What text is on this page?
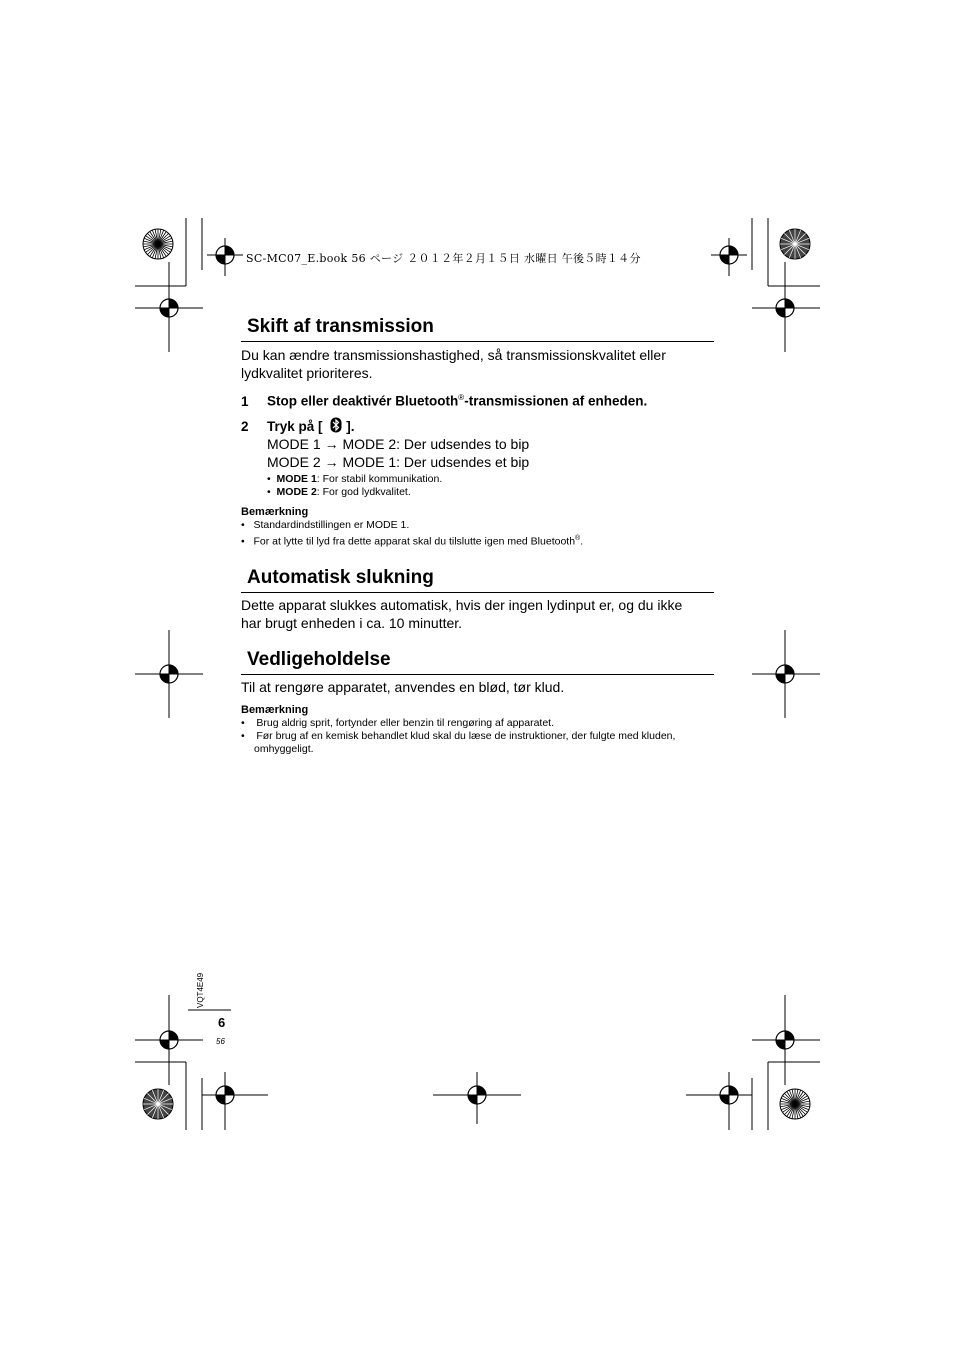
SC-MC07_E.book 56 ページ ２０１２年２月１５日 水曜日 午後５時１４分
Skift af transmission

Du kan ændre transmissionshastighed, så transmissionskvalitet eller
lydkvalitet prioriteres.

1 Stop eller deaktivér Bluetooth®-transmissionen af enheden.
2 Tryk på [ ].
MODE 1 → MODE 2: Der udsendes to bip
MODE 2 → MODE 1: Der udsendes et bip
• MODE 1: For stabil kommunikation.
• MODE 2: For god lydkvalitet.
Bemærkning
• Standardindstillingen er MODE 1.
• For at lytte til lyd fra dette apparat skal du tilslutte igen med Bluetooth®.
Automatisk slukning

Dette apparat slukkes automatisk, hvis der ingen lydinput er, og du ikke
har brugt enheden i ca. 10 minutter.

Vedligeholdelse

Til at rengøre apparatet, anvendes en blød, tør klud.

Bemærkning
• Brug aldrig sprit, fortynder eller benzin til rengøring af apparatet.
• Før brug af en kemisk behandlet klud skal du læse de instruktioner, der fulgte med kluden,
omhyggeligt.
VQT4E49
6
56
